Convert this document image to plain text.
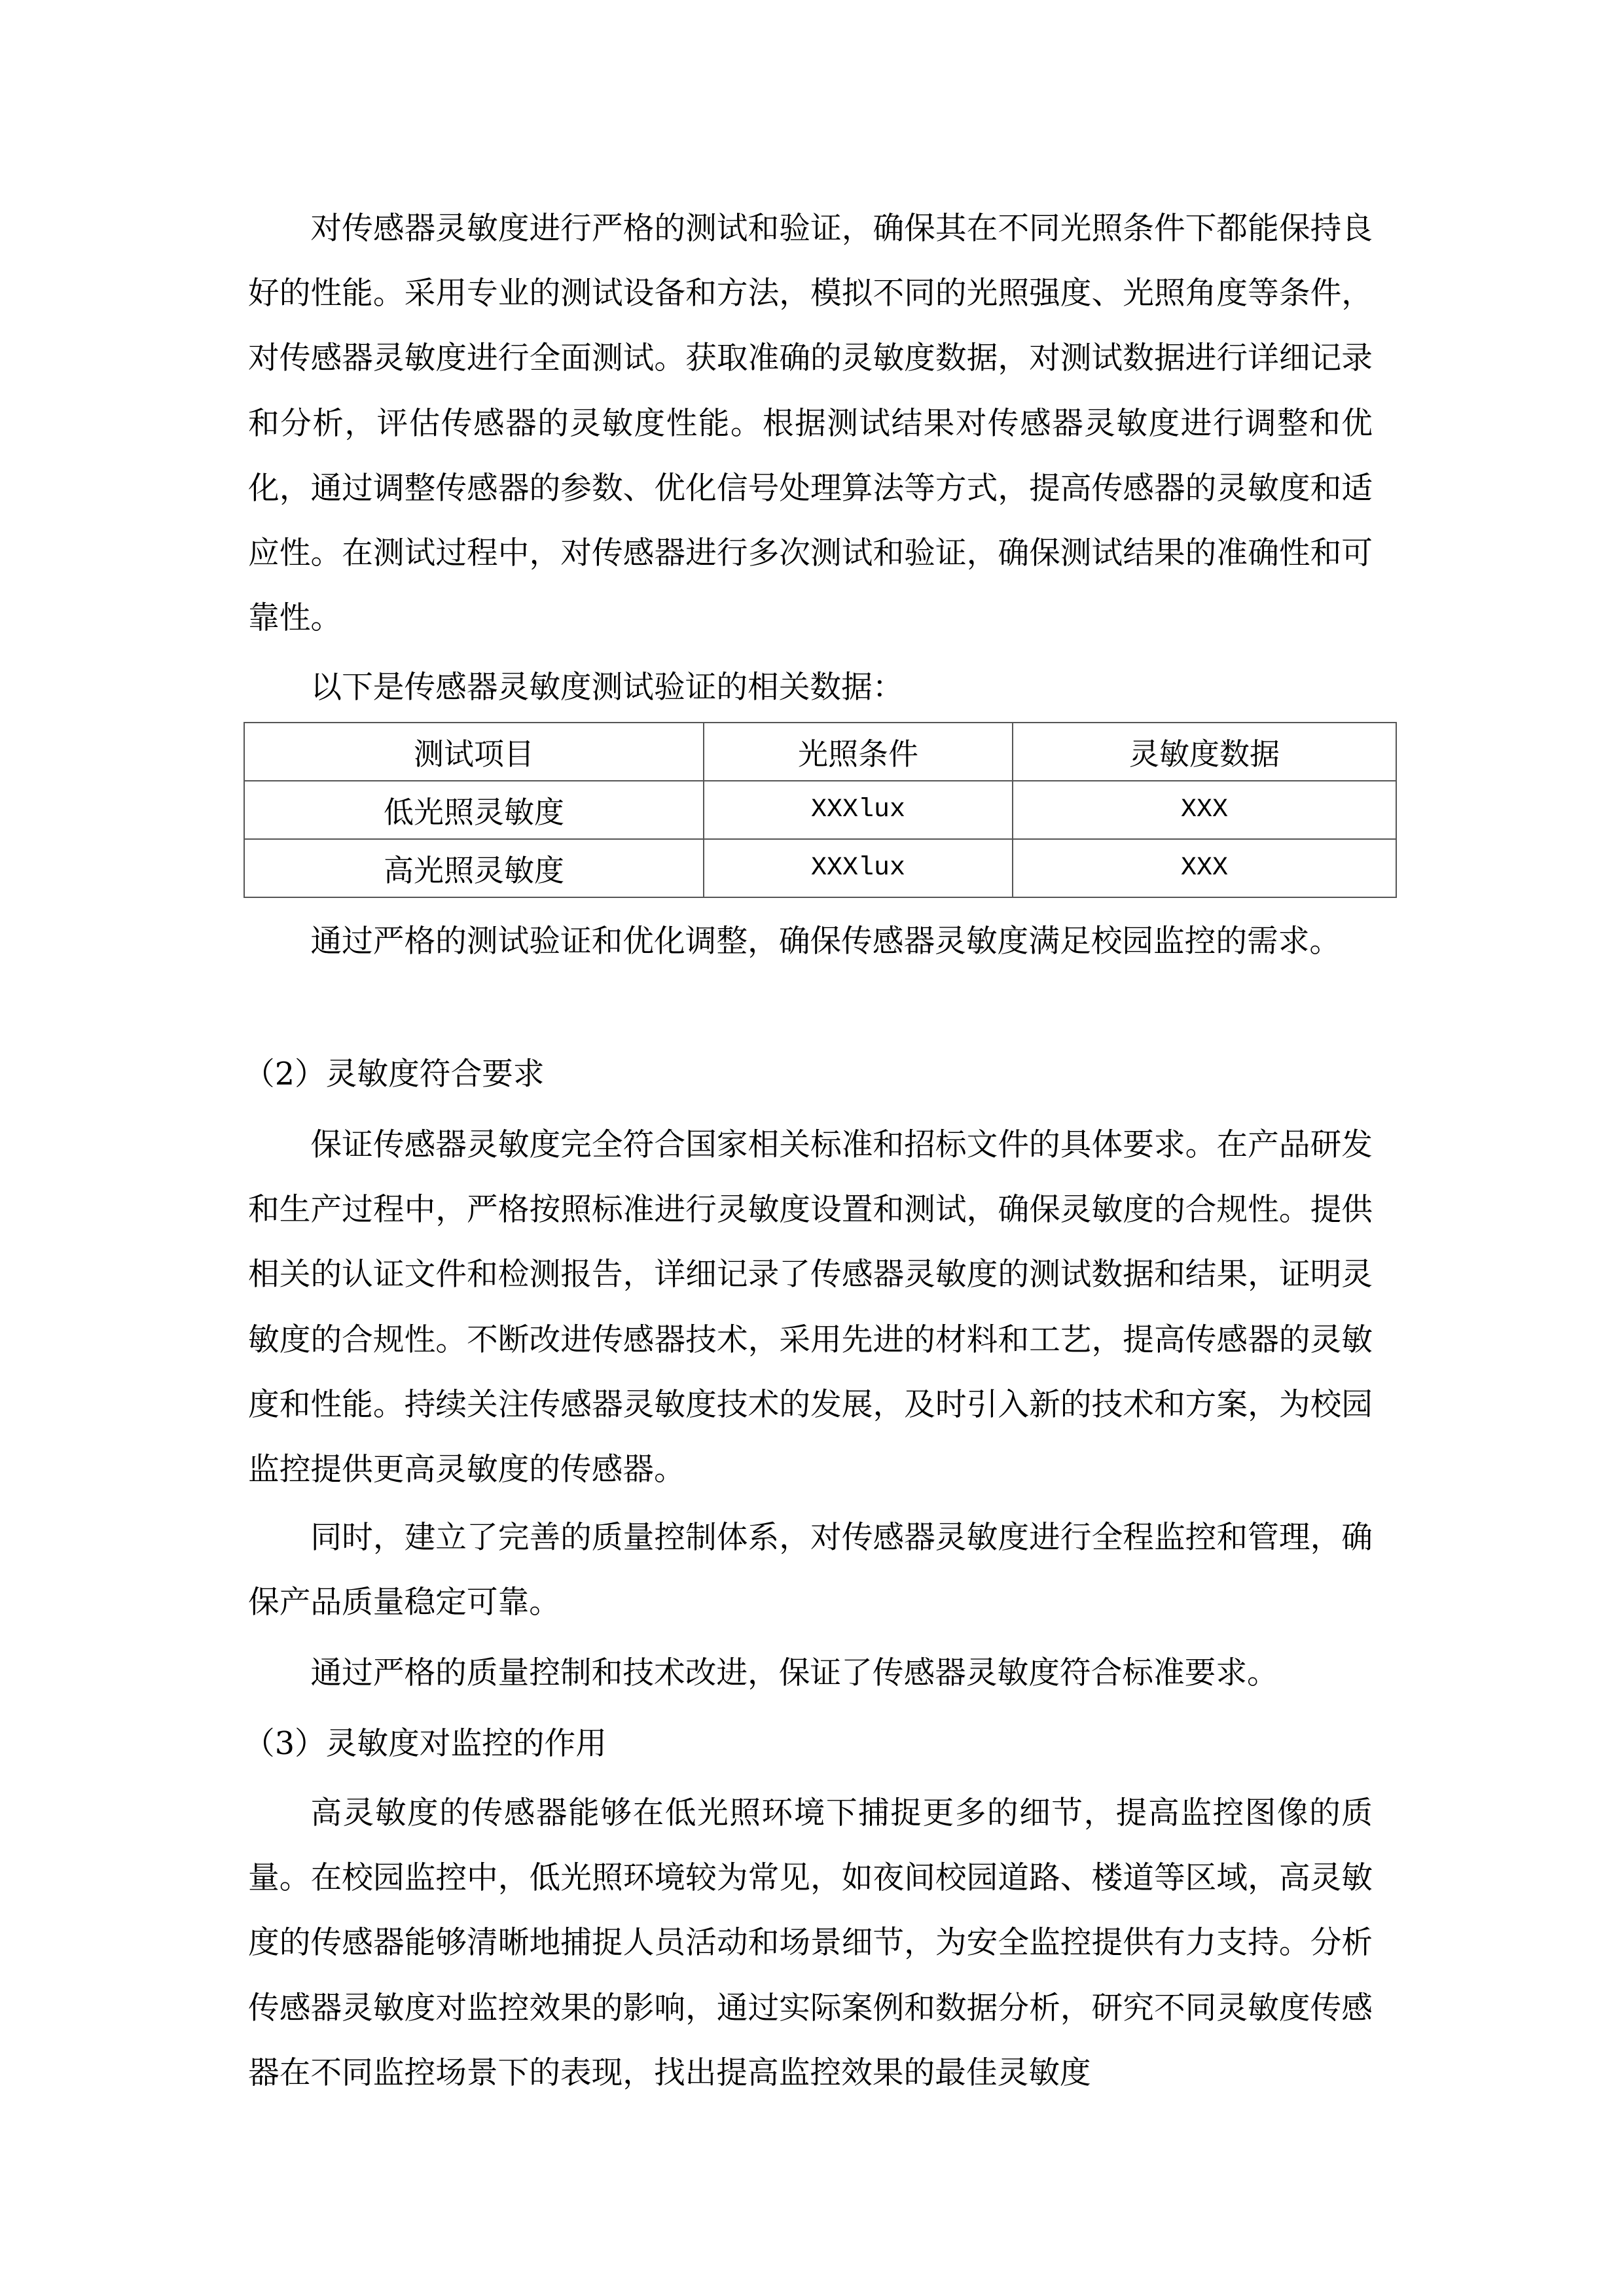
对传感器灵敏度进行严格的测试和验证，确保其在不同光照条件下都能保持良好的性能。采用专业的测试设备和方法，模拟不同的光照强度、光照角度等条件，对传感器灵敏度进行全面测试。获取准确的灵敏度数据，对测试数据进行详细记录和分析，评估传感器的灵敏度性能。根据测试结果对传感器灵敏度进行调整和优化，通过调整传感器的参数、优化信号处理算法等方式，提高传感器的灵敏度和适应性。在测试过程中，对传感器进行多次测试和验证，确保测试结果的准确性和可靠性。

以下是传感器灵敏度测试验证的相关数据：

测试项目	光照条件	灵敏度数据
低光照灵敏度	XXXlux	XXX
高光照灵敏度	XXXlux	XXX

通过严格的测试验证和优化调整，确保传感器灵敏度满足校园监控的需求。

（2）灵敏度符合要求

保证传感器灵敏度完全符合国家相关标准和招标文件的具体要求。在产品研发和生产过程中，严格按照标准进行灵敏度设置和测试，确保灵敏度的合规性。提供相关的认证文件和检测报告，详细记录了传感器灵敏度的测试数据和结果，证明灵敏度的合规性。不断改进传感器技术，采用先进的材料和工艺，提高传感器的灵敏度和性能。持续关注传感器灵敏度技术的发展，及时引入新的技术和方案，为校园监控提供更高灵敏度的传感器。

同时，建立了完善的质量控制体系，对传感器灵敏度进行全程监控和管理，确保产品质量稳定可靠。

通过严格的质量控制和技术改进，保证了传感器灵敏度符合标准要求。

（3）灵敏度对监控的作用

高灵敏度的传感器能够在低光照环境下捕捉更多的细节，提高监控图像的质量。在校园监控中，低光照环境较为常见，如夜间校园道路、楼道等区域，高灵敏度的传感器能够清晰地捕捉人员活动和场景细节，为安全监控提供有力支持。分析传感器灵敏度对监控效果的影响，通过实际案例和数据分析，研究不同灵敏度传感器在不同监控场景下的表现，找出提高监控效果的最佳灵敏度
